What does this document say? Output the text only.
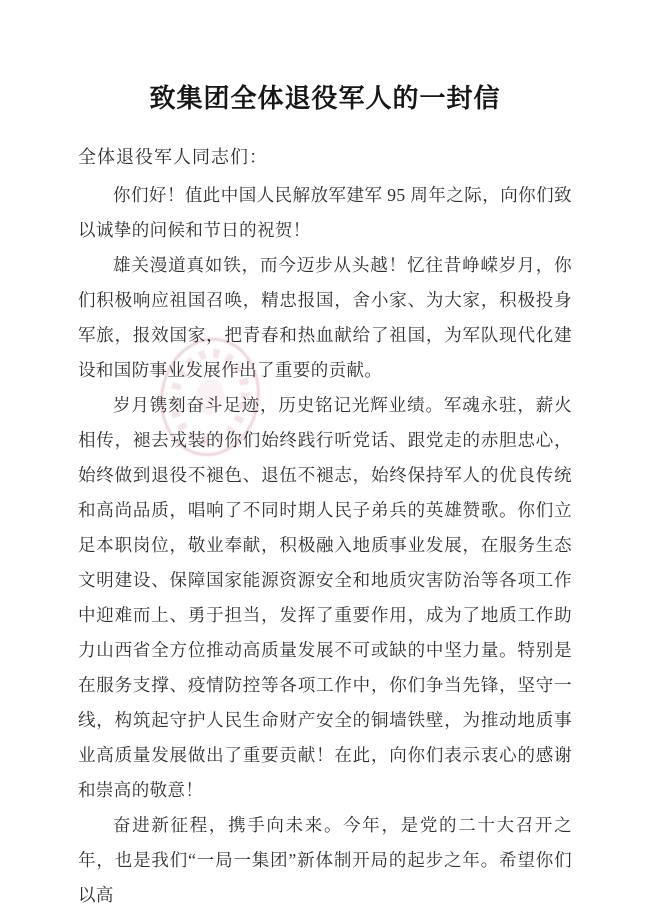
致集团全体退役军人的一封信

全体退役军人同志们：

你们好！值此中国人民解放军建军 95 周年之际，向你们致以诚挚的问候和节日的祝贺！

雄关漫道真如铁，而今迈步从头越！忆往昔峥嵘岁月，你们积极响应祖国召唤，精忠报国，舍小家、为大家，积极投身军旅，报效国家，把青春和热血献给了祖国，为军队现代化建设和国防事业发展作出了重要的贡献。

岁月镌刻奋斗足迹，历史铭记光辉业绩。军魂永驻，薪火相传，褪去戎装的你们始终践行听党话、跟党走的赤胆忠心，始终做到退役不褪色、退伍不褪志，始终保持军人的优良传统和高尚品质，唱响了不同时期人民子弟兵的英雄赞歌。你们立足本职岗位，敬业奉献，积极融入地质事业发展，在服务生态文明建设、保障国家能源资源安全和地质灾害防治等各项工作中迎难而上、勇于担当，发挥了重要作用，成为了地质工作助力山西省全方位推动高质量发展不可或缺的中坚力量。特别是在服务支撑、疫情防控等各项工作中，你们争当先锋，坚守一线，构筑起守护人民生命财产安全的铜墙铁壁，为推动地质事业高质量发展做出了重要贡献！在此，向你们表示衷心的感谢和崇高的敬意！

奋进新征程，携手向未来。今年，是党的二十大召开之年，也是我们“一局一集团”新体制开局的起步之年。希望你们以高
